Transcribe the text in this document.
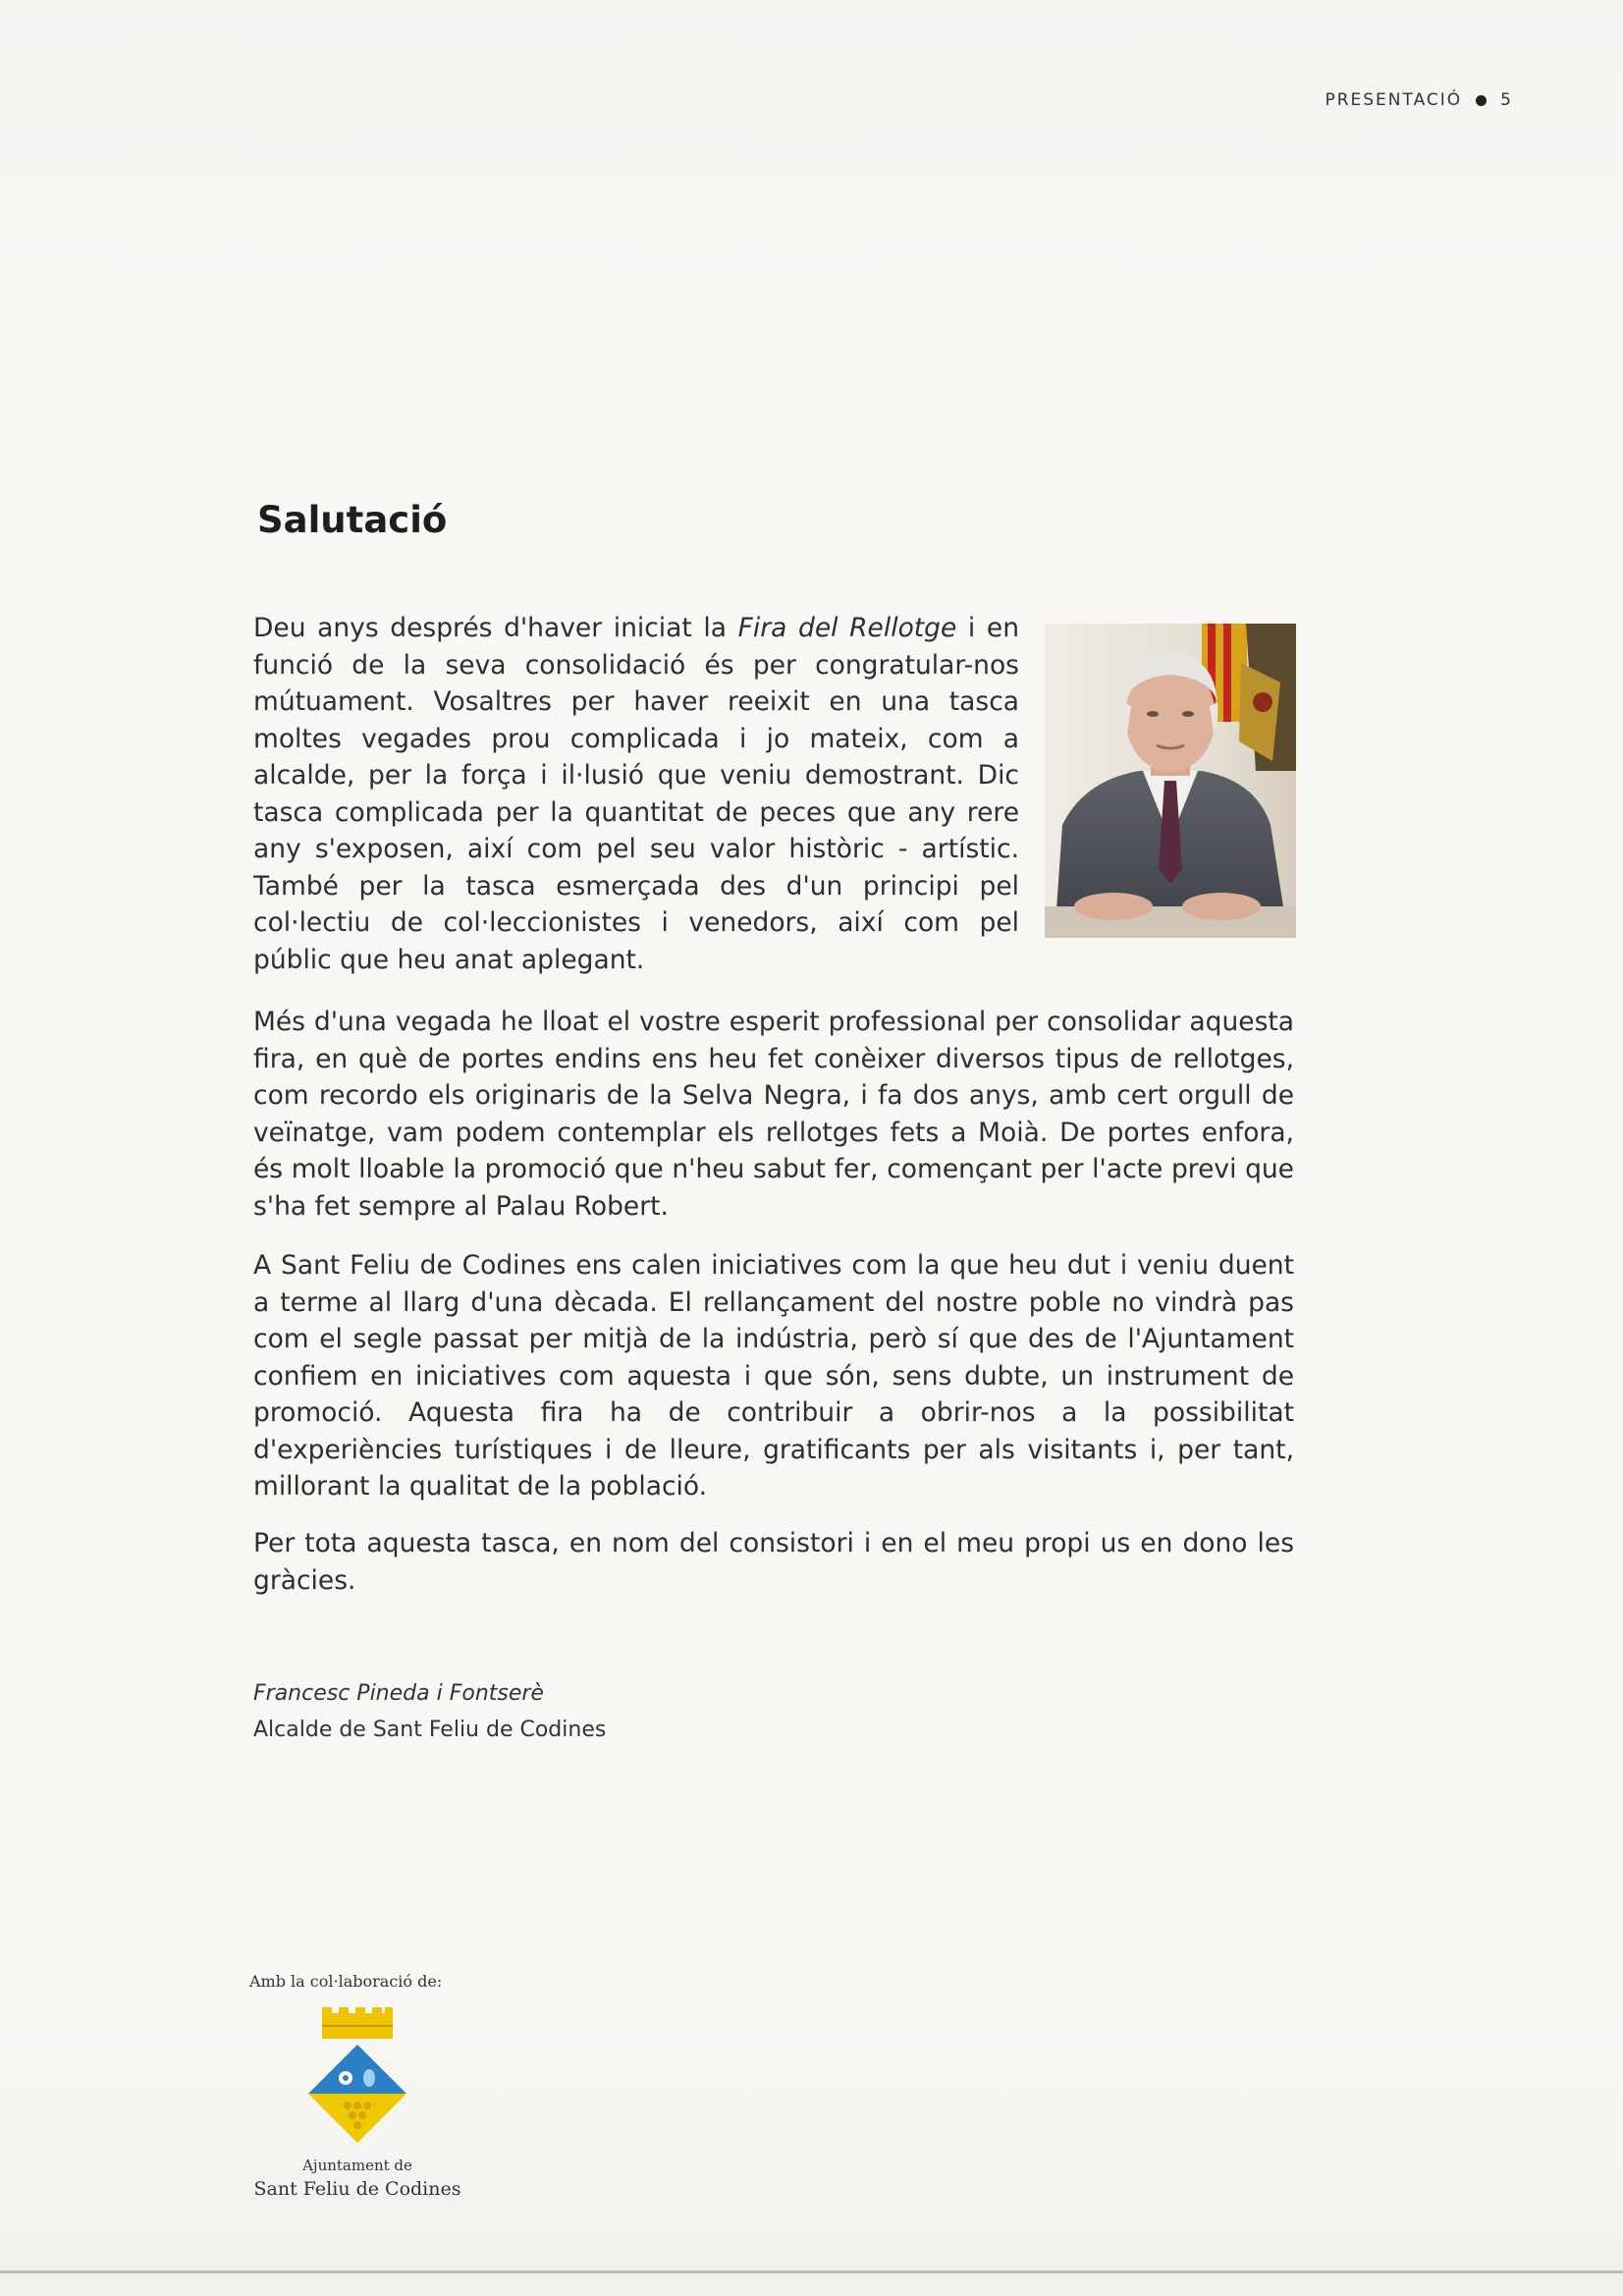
PRESENTACIÓ 5
Salutació

Deu anys després d'haver iniciat la Fira del Rellotge i en funció de la seva consolidació és per congratular-nos mútuament. Vosaltres per haver reeixit en una tasca moltes vegades prou complicada i jo mateix, com a alcalde, per la força i il·lusió que veniu demostrant. Dic tasca complicada per la quantitat de peces que any rere any s'exposen, així com pel seu valor històric - artístic. També per la tasca esmerçada des d'un principi pel col·lectiu de col·leccionistes i venedors, així com pel públic que heu anat aplegant.

Més d'una vegada he lloat el vostre esperit professional per consolidar aquesta fira, en què de portes endins ens heu fet conèixer diversos tipus de rellotges, com recordo els originaris de la Selva Negra, i fa dos anys, amb cert orgull de veïnatge, vam podem contemplar els rellotges fets a Moià. De portes enfora, és molt lloable la promoció que n'heu sabut fer, començant per l'acte previ que s'ha fet sempre al Palau Robert.

A Sant Feliu de Codines ens calen iniciatives com la que heu dut i veniu duent a terme al llarg d'una dècada. El rellançament del nostre poble no vindrà pas com el segle passat per mitjà de la indústria, però sí que des de l'Ajuntament confiem en iniciatives com aquesta i que són, sens dubte, un instrument de promoció. Aquesta fira ha de contribuir a obrir-nos a la possibilitat d'experiències turístiques i de lleure, gratificants per als visitants i, per tant, millorant la qualitat de la població.

Per tota aquesta tasca, en nom del consistori i en el meu propi us en dono les gràcies.

Francesc Pineda i Fontserè
Alcalde de Sant Feliu de Codines
Amb la col·laboració de:
Ajuntament de
Sant Feliu de Codines
